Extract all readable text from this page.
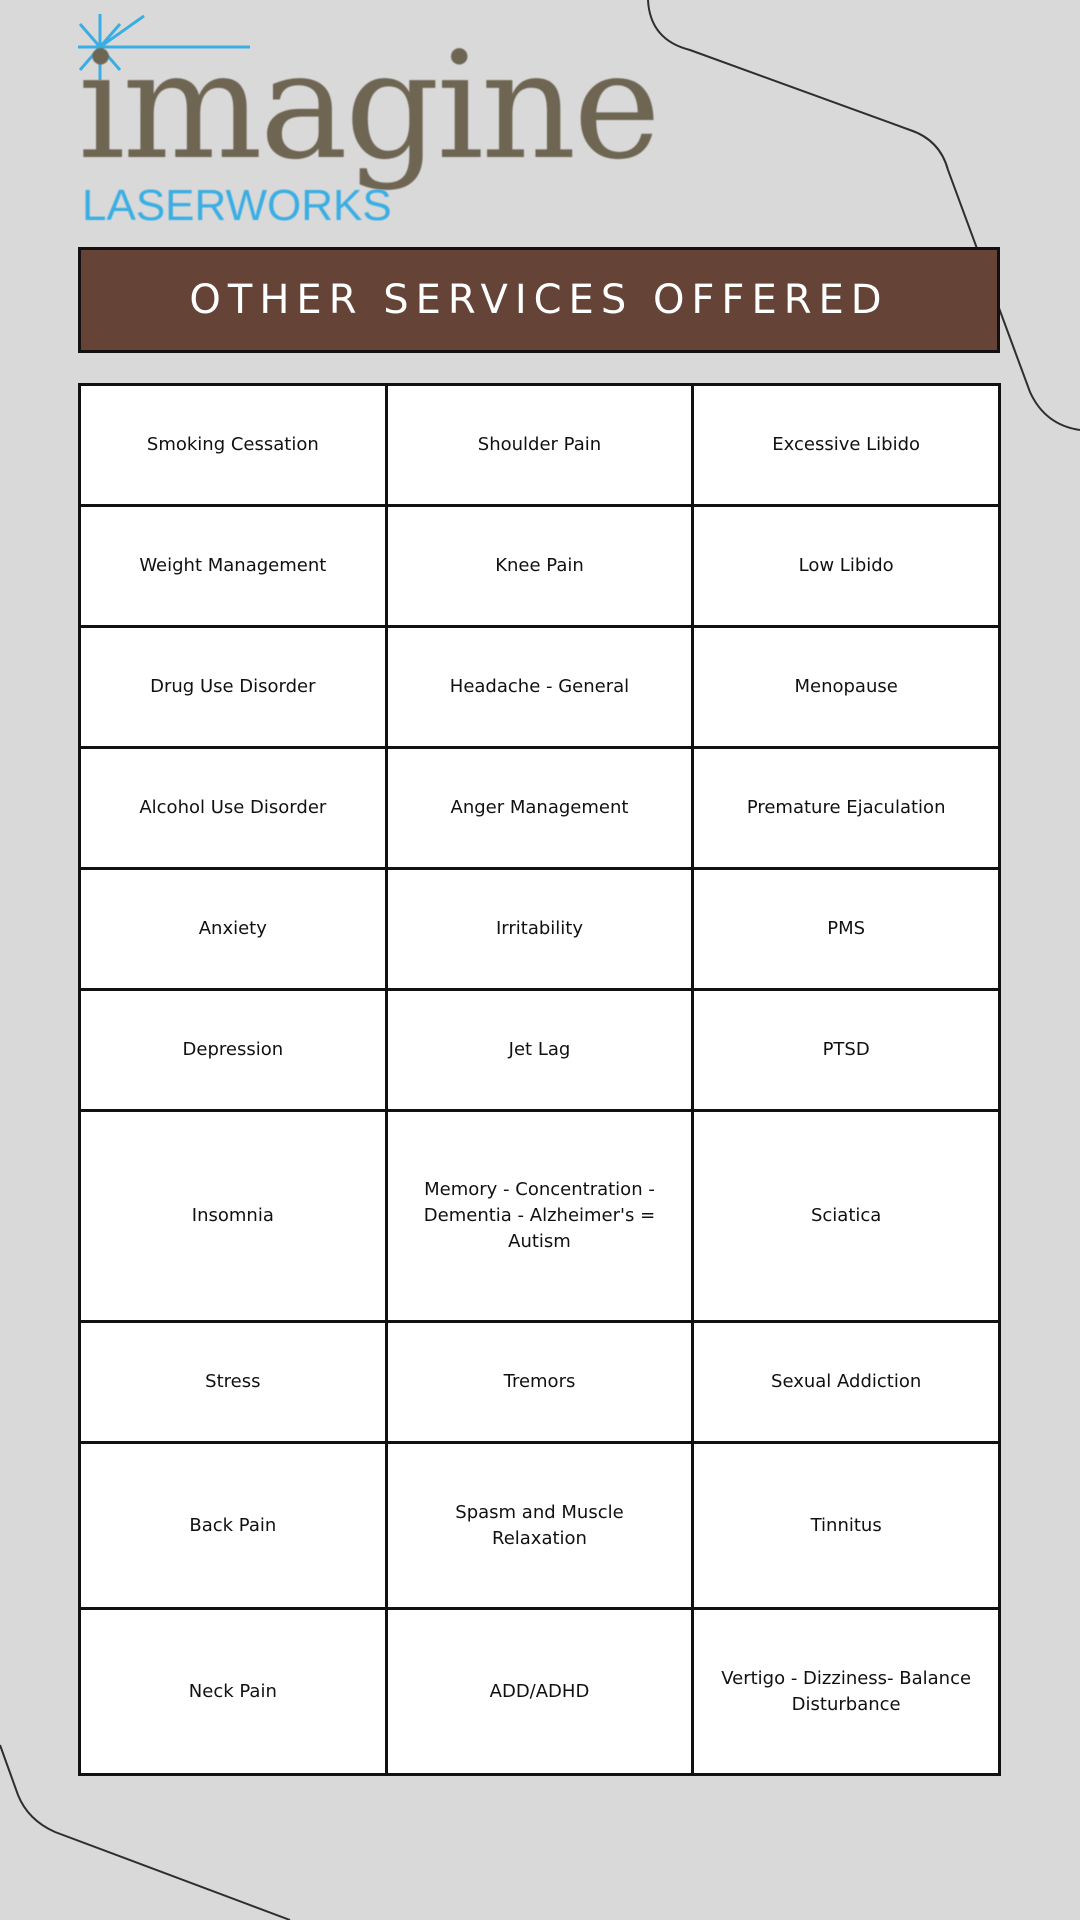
imagine
LASERWORKS
OTHER SERVICES OFFERED
Smoking Cessation	Shoulder Pain	Excessive Libido
Weight Management	Knee Pain	Low Libido
Drug Use Disorder	Headache - General	Menopause
Alcohol Use Disorder	Anger Management	Premature Ejaculation
Anxiety	Irritability	PMS
Depression	Jet Lag	PTSD
Insomnia	Memory - Concentration - Dementia - Alzheimer's = Autism	Sciatica
Stress	Tremors	Sexual Addiction
Back Pain	Spasm and Muscle Relaxation	Tinnitus
Neck Pain	ADD/ADHD	Vertigo - Dizziness- Balance Disturbance
